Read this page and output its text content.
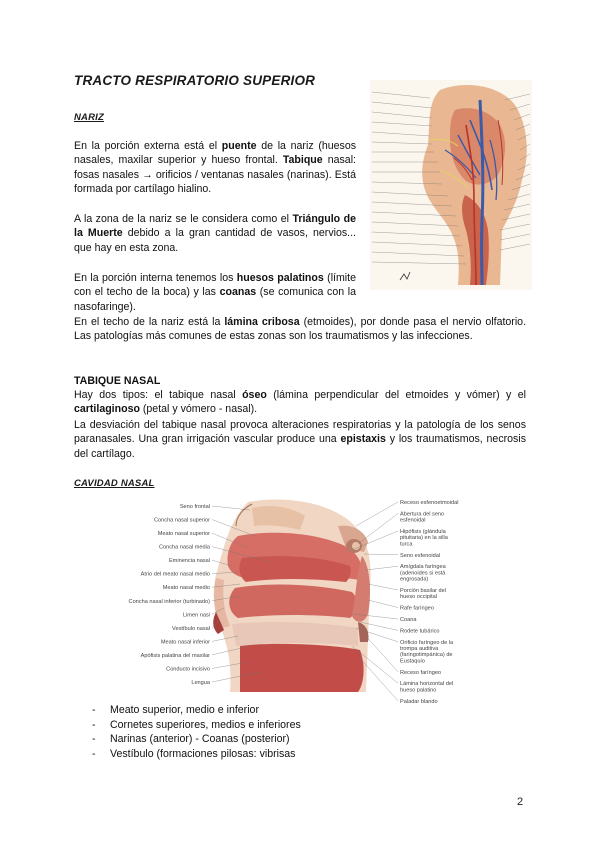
TRACTO RESPIRATORIO SUPERIOR
NARIZ

En la porción externa está el puente de la nariz (huesos nasales, maxilar superior y hueso frontal. Tabique nasal: fosas nasales → orificios / ventanas nasales (narinas). Está formada por cartílago hialino.

A la zona de la nariz se le considera como el Triángulo de la Muerte debido a la gran cantidad de vasos, nervios... que hay en esta zona.

En la porción interna tenemos los huesos palatinos (límite con el techo de la boca) y las coanas (se comunica con la nasofaringe).

En el techo de la nariz está la lámina cribosa (etmoides), por donde pasa el nervio olfatorio. Las patologías más comunes de estas zonas son los traumatismos y las infecciones.

TABIQUE NASAL

Hay dos tipos: el tabique nasal óseo (lámina perpendicular del etmoides y vómer) y el cartilaginoso (petal y vómero - nasal).

La desviación del tabique nasal provoca alteraciones respiratorias y la patología de los senos paranasales. Una gran irrigación vascular produce una epistaxis y los traumatismos, necrosis del cartílago.

CAVIDAD NASAL
Seno frontal
Concha nasal superior
Meato nasal superior
Concha nasal media
Eminencia nasal
Atrio del meato nasal medio
Meato nasal medio
Concha nasal inferior (turbinado)
Limen nasi
Vestíbulo nasal
Meato nasal inferior
Apófisis palatina del maxilar
Conducto incisivo
Lengua
Receso esfenoetmoidal
Abertura del seno esfenoidal
Hipófisis (glándula pituitaria) en la silla turca
Seno esfenoidal
Amígdala faríngea (adenoides si está engrosada)
Porción basilar del hueso occipital
Rafe faríngeo
Coana
Rodete tubárico
Orificio faríngeo de la trompa auditiva (faringotimpánica) de Eustaquio
Receso faríngeo
Lámina horizontal del hueso palatino
Paladar blando
- Meato superior, medio e inferior
- Cornetes superiores, medios e inferiores
- Narinas (anterior) - Coanas (posterior)
- Vestíbulo (formaciones pilosas: vibrisas
2
